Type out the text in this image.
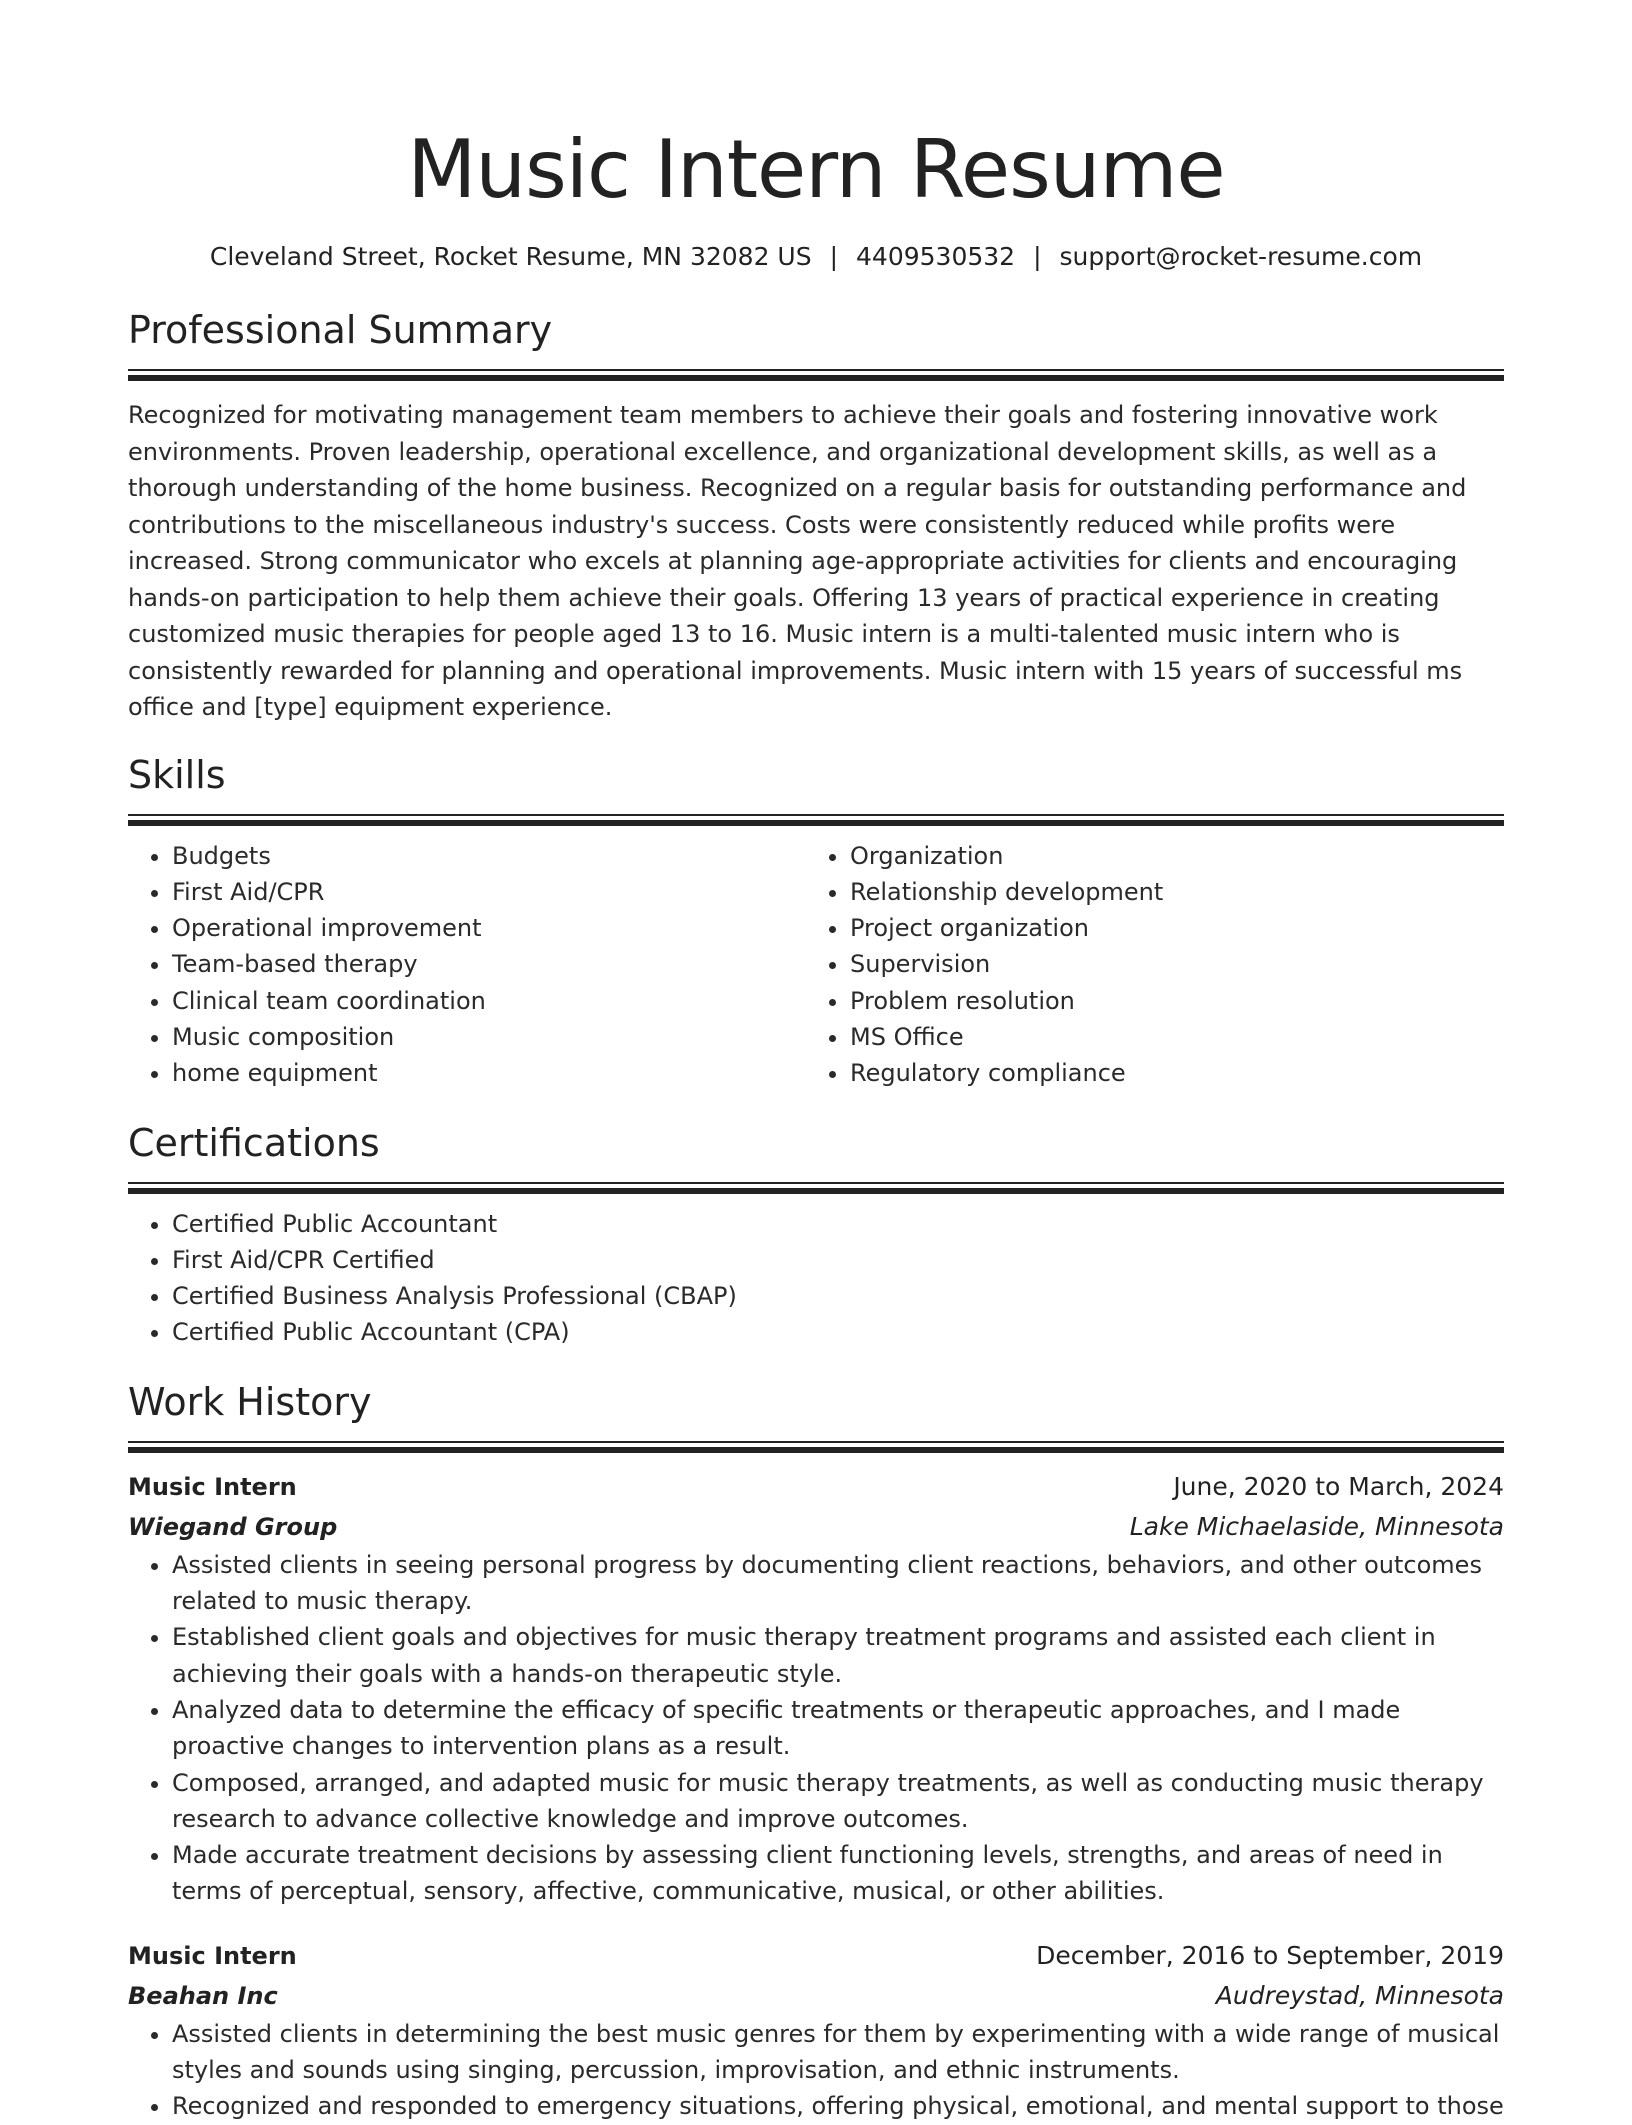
Music Intern Resume
Cleveland Street, Rocket Resume, MN 32082 US | 4409530532 | support@rocket-resume.com
Professional Summary

Recognized for motivating management team members to achieve their goals and fostering innovative work environments. Proven leadership, operational excellence, and organizational development skills, as well as a thorough understanding of the home business. Recognized on a regular basis for outstanding performance and contributions to the miscellaneous industry's success. Costs were consistently reduced while profits were increased. Strong communicator who excels at planning age-appropriate activities for clients and encouraging hands-on participation to help them achieve their goals. Offering 13 years of practical experience in creating customized music therapies for people aged 13 to 16. Music intern is a multi-talented music intern who is consistently rewarded for planning and operational improvements. Music intern with 15 years of successful ms office and [type] equipment experience.

Skills
• Budgets
• First Aid/CPR
• Operational improvement
• Team-based therapy
• Clinical team coordination
• Music composition
• home equipment
• Organization
• Relationship development
• Project organization
• Supervision
• Problem resolution
• MS Office
• Regulatory compliance
Certifications
• Certified Public Accountant
• First Aid/CPR Certified
• Certified Business Analysis Professional (CBAP)
• Certified Public Accountant (CPA)
Work History
Music Intern	June, 2020 to March, 2024
Wiegand Group	Lake Michaelaside, Minnesota
• Assisted clients in seeing personal progress by documenting client reactions, behaviors, and other outcomes related to music therapy.
• Established client goals and objectives for music therapy treatment programs and assisted each client in achieving their goals with a hands-on therapeutic style.
• Analyzed data to determine the efficacy of specific treatments or therapeutic approaches, and I made proactive changes to intervention plans as a result.
• Composed, arranged, and adapted music for music therapy treatments, as well as conducting music therapy research to advance collective knowledge and improve outcomes.
• Made accurate treatment decisions by assessing client functioning levels, strengths, and areas of need in terms of perceptual, sensory, affective, communicative, musical, or other abilities.
Music Intern	December, 2016 to September, 2019
Beahan Inc	Audreystad, Minnesota
• Assisted clients in determining the best music genres for them by experimenting with a wide range of musical styles and sounds using singing, percussion, improvisation, and ethnic instruments.
• Recognized and responded to emergency situations, offering physical, emotional, and mental support to those
